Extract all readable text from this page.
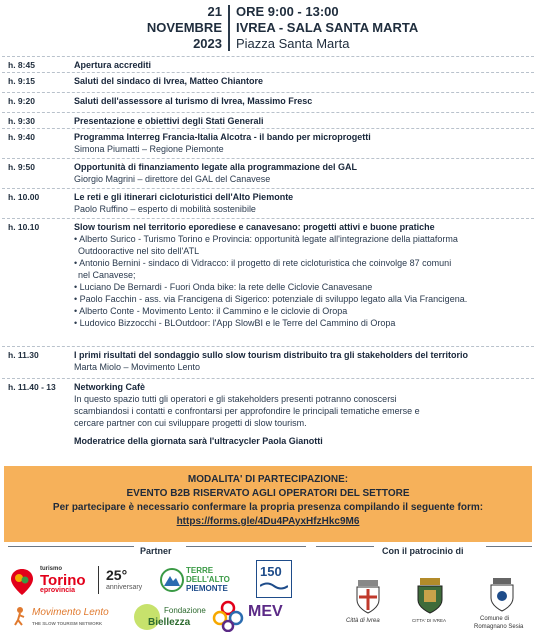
21
NOVEMBRE
2023
ORE 9:00 - 13:00
IVREA - SALA SANTA MARTA
Piazza Santa Marta
h. 8:45	Apertura accrediti
h. 9:15	Saluti del sindaco di Ivrea, Matteo Chiantore
h. 9:20	Saluti dell'assessore al turismo di Ivrea, Massimo Fresc
h. 9:30	Presentazione e obiettivi degli Stati Generali
h. 9:40	Programma Interreg Francia-Italia Alcotra - il bando per microprogetti
Simona Piumatti – Regione Piemonte
h. 9:50	Opportunità di finanziamento legate alla programmazione del GAL
Giorgio Magrini – direttore del GAL del Canavese
h. 10.00	Le reti e gli itinerari cicloturistici dell'Alto Piemonte
Paolo Ruffino – esperto di mobilità sostenibile
h. 10.10	Slow tourism nel territorio eporediese e canavesano: progetti attivi e buone pratiche
• Alberto Surico - Turismo Torino e Provincia: opportunità legate all'integrazione della piattaforma
Outdooractive nel sito dell'ATL
• Antonio Bernini - sindaco di Vidracco: il progetto di rete cicloturistica che coinvolge 87 comuni
nel Canavese;
• Luciano De Bernardi - Fuori Onda bike: la rete delle Ciclovie Canavesane
• Paolo Facchin - ass. via Francigena di Sigerico: potenziale di sviluppo legato alla Via Francigena.
• Alberto Conte - Movimento Lento: il Cammino e le ciclovie di Oropa
• Ludovico Bizzocchi - BLOutdoor: l'App SlowBI e le Terre del Cammino di Oropa
h. 11.30	I primi risultati del sondaggio sullo slow tourism distribuito tra gli stakeholders del territorio
Marta Miolo – Movimento Lento
h. 11.40 - 13 Networking Cafè
In questo spazio tutti gli operatori e gli stakeholders presenti potranno conoscersi
scambiandosi i contatti e confrontarsi per approfondire le principali tematiche emerse e
cercare partner con cui sviluppare progetti di slow tourism.
Moderatrice della giornata sarà l'ultracycler Paola Gianotti
MODALITA' DI PARTECIPAZIONE:
EVENTO B2B RISERVATO AGLI OPERATORI DEL SETTORE
Per partecipare è necessario confermare la propria presenza compilando il seguente form:
https://forms.gle/4Du4PAyxHfzHkc9M6
Partner	Con il patrocinio di
turismo
Torino
eprovincia
25°
anniversary
TERRE
DELL'ALTO
PIEMONTE
150
Movimento Lento
THE SLOW TOURISM NETWORK
Fondazione
Biellezza
MEV
Città di Ivrea	CITTA' DI IVREA	Comune di
Romagnano Sesia
